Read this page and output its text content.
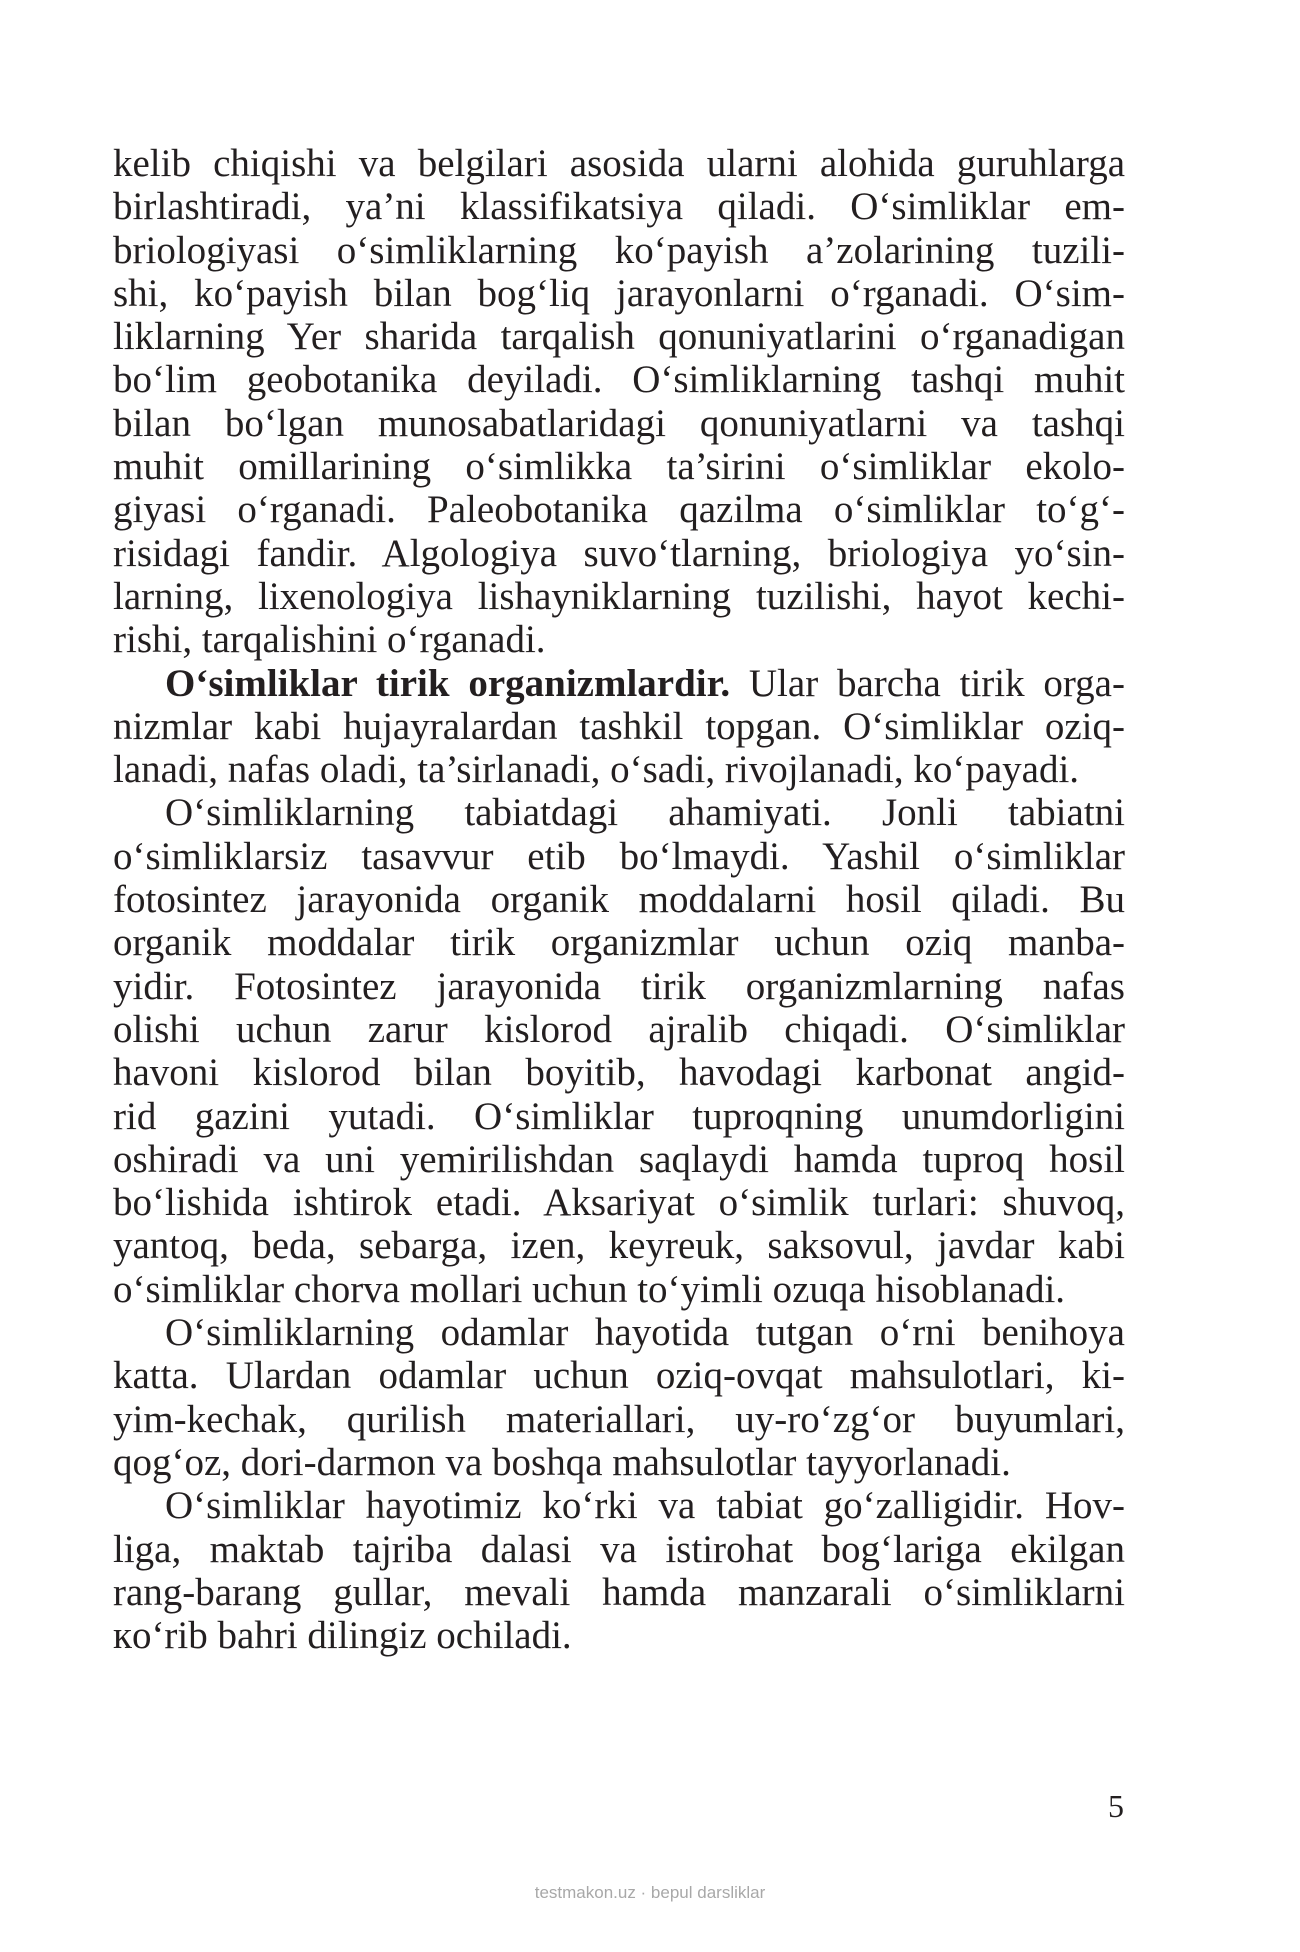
kelib chiqishi va belgilari asosida ularni alohida guruhlarga
birlashtiradi, ya’ni klassifikatsiya qiladi. O‘simliklar em-
briologiyasi o‘simliklarning ko‘payish a’zolarining tuzili-
shi, ko‘payish bilan bog‘liq jarayonlarni o‘rganadi. O‘sim-
liklarning Yer sharida tarqalish qonuniyatlarini o‘rganadigan
bo‘lim geobotanika deyiladi. O‘simliklarning tashqi muhit
bilan bo‘lgan munosabatlaridagi qonuniyatlarni va tashqi
muhit omillarining o‘simlikka ta’sirini o‘simliklar ekolo-
giyasi o‘rganadi. Paleobotanika qazilma o‘simliklar to‘g‘-
risidagi fandir. Algologiya suvo‘tlarning, briologiya yo‘sin-
larning, lixenologiya lishayniklarning tuzilishi, hayot kechi-
rishi, tarqalishini o‘rganadi.

O‘simliklar tirik organizmlardir. Ular barcha tirik orga-
nizmlar kabi hujayralardan tashkil topgan. O‘simliklar oziq-
lanadi, nafas oladi, ta’sirlanadi, o‘sadi, rivojlanadi, ko‘payadi.

O‘simliklarning tabiatdagi ahamiyati. Jonli tabiatni
o‘simliklarsiz tasavvur etib bo‘lmaydi. Yashil o‘simliklar
fotosintez jarayonida organik moddalarni hosil qiladi. Bu
organik moddalar tirik organizmlar uchun oziq manba-
yidir. Fotosintez jarayonida tirik organizmlarning nafas
olishi uchun zarur kislorod ajralib chiqadi. O‘simliklar
havoni kislorod bilan boyitib, havodagi karbonat angid-
rid gazini yutadi. O‘simliklar tuproqning unumdorligini
oshiradi va uni yemirilishdan saqlaydi hamda tuproq hosil
bo‘lishida ishtirok etadi. Aksariyat o‘simlik turlari: shuvoq,
yantoq, beda, sebarga, izen, keyreuk, saksovul, javdar kabi
o‘simliklar chorva mollari uchun to‘yimli ozuqa hisoblanadi.

O‘simliklarning odamlar hayotida tutgan o‘rni benihoya
katta. Ulardan odamlar uchun oziq-ovqat mahsulotlari, ki-
yim-kechak, qurilish materiallari, uy-ro‘zg‘or buyumlari,
qog‘oz, dori-darmon va boshqa mahsulotlar tayyorlanadi.

O‘simliklar hayotimiz ko‘rki va tabiat go‘zalligidir. Hov-
liga, maktab tajriba dalasi va istirohat bog‘lariga ekilgan
rang-barang gullar, mevali hamda manzarali o‘simliklarni
кo‘rib bahri dilingiz ochiladi.

5
testmakon.uz · bepul darsliklar
